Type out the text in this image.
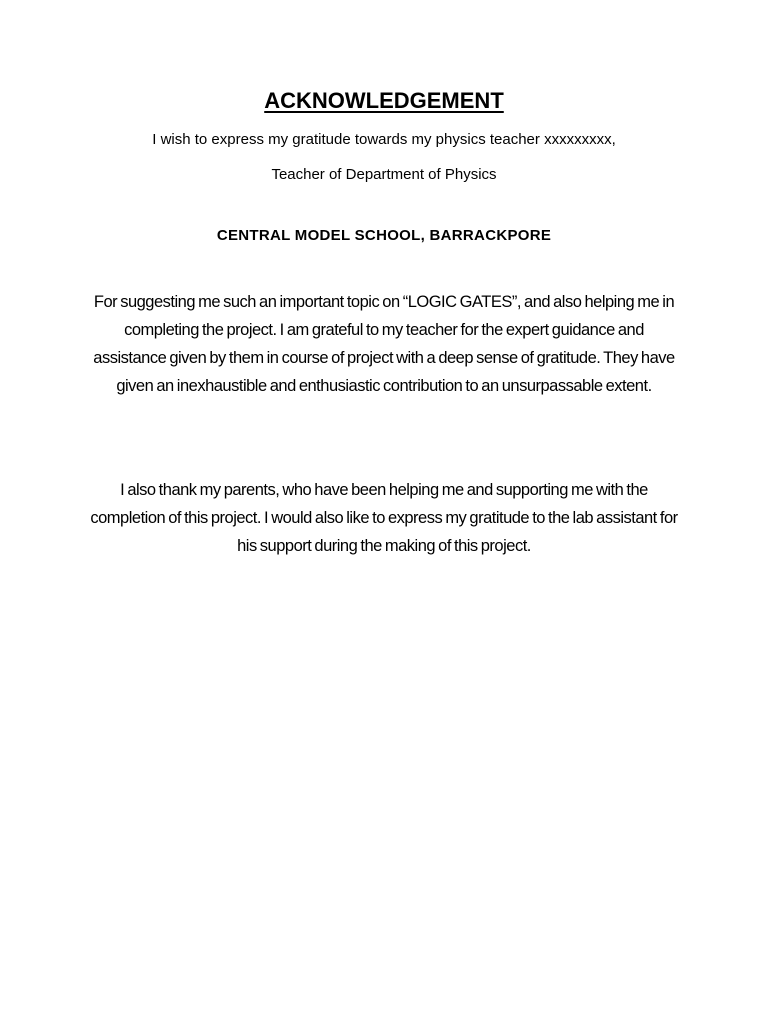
ACKNOWLEDGEMENT
I wish to express my gratitude towards my physics teacher xxxxxxxxx,
Teacher of Department of Physics
CENTRAL MODEL SCHOOL, BARRACKPORE
For suggesting me such an important topic on “LOGIC GATES”, and also helping me in completing the project. I am grateful to my teacher for the expert guidance and assistance given by them in course of project with a deep sense of gratitude. They have given an inexhaustible and enthusiastic contribution to an unsurpassable extent.
I also thank my parents, who have been helping me and supporting me with the completion of this project. I would also like to express my gratitude to the lab assistant for his support during the making of this project.
